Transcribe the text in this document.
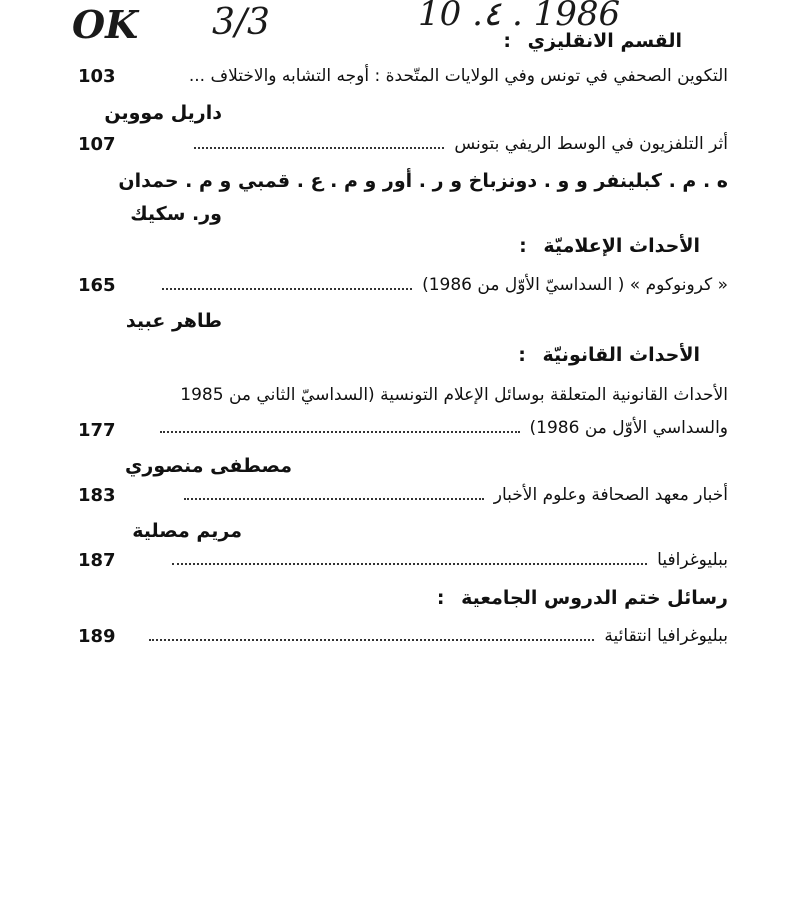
OK 3/3	10 .٤ . 1986
القسم الانقليزي :
التكوين الصحفي في تونس وفي الولايات المتّحدة : أوجه التشابه والاختلاف ...
103
داريل مووين
أثر التلفزيون في الوسط الريفي بتونس
107
ه . م . كبلينفر و و . دونزباخ و ر . أور و م . ع . قمبي و م . حمدان
ور. سكيك
الأحداث الإعلاميّة :
« كرونوكوم » ( السداسيّ الأوّل من 1986)
165
طاهر عبيد
الأحداث القانونيّة :
الأحداث القانونية المتعلقة بوسائل الإعلام التونسية (السداسيّ الثاني من 1985
والسداسي الأوّل من 1986)
177
مصطفى منصوري
أخبار معهد الصحافة وعلوم الأخبار
183
مريم مصلية
ببليوغرافيا
187
رسائل ختم الدروس الجامعية :
ببليوغرافيا انتقائية
189
